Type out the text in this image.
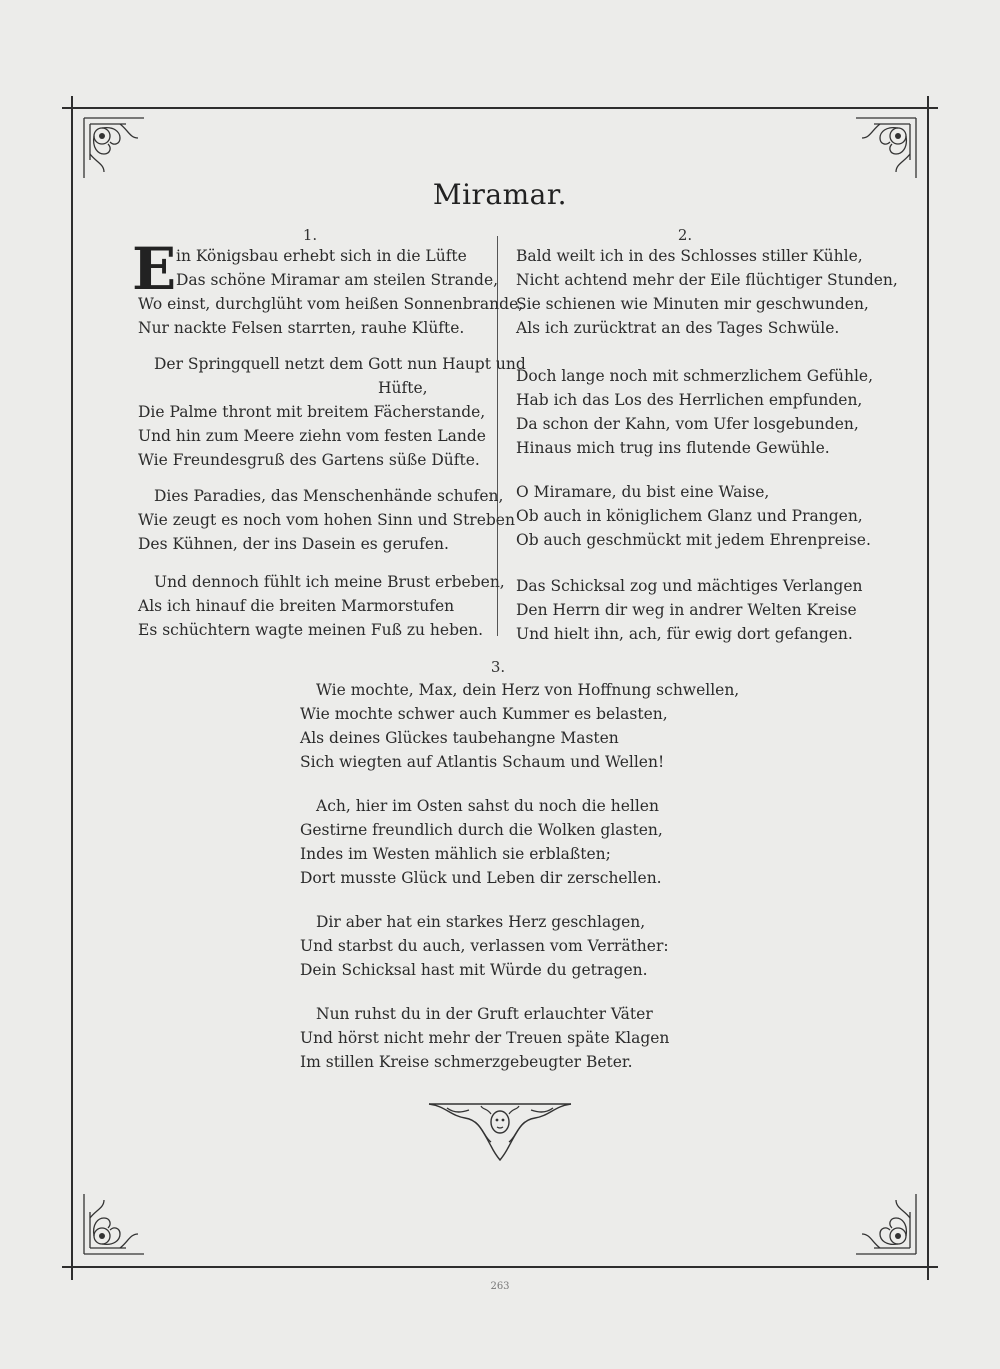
Miramar.
1.	2.
3.
E in Königsbau erhebt sich in die Lüfte
Das schöne Miramar am steilen Strande,
Wo einst, durchglüht vom heißen Sonnenbrande,
Nur nackte Felsen starrten, rauhe Klüfte.
Der Springquell netzt dem Gott nun Haupt und
Hüfte,
Die Palme thront mit breitem Fächerstande,
Und hin zum Meere ziehn vom festen Lande
Wie Freundesgruß des Gartens süße Düfte.
Dies Paradies, das Menschenhände schufen,
Wie zeugt es noch vom hohen Sinn und Streben
Des Kühnen, der ins Dasein es gerufen.
Und dennoch fühlt ich meine Brust erbeben,
Als ich hinauf die breiten Marmorstufen
Es schüchtern wagte meinen Fuß zu heben.
Bald weilt ich in des Schlosses stiller Kühle,
Nicht achtend mehr der Eile flüchtiger Stunden,
Sie schienen wie Minuten mir geschwunden,
Als ich zurücktrat an des Tages Schwüle.
Doch lange noch mit schmerzlichem Gefühle,
Hab ich das Los des Herrlichen empfunden,
Da schon der Kahn, vom Ufer losgebunden,
Hinaus mich trug ins flutende Gewühle.
O Miramare, du bist eine Waise,
Ob auch in königlichem Glanz und Prangen,
Ob auch geschmückt mit jedem Ehrenpreise.
Das Schicksal zog und mächtiges Verlangen
Den Herrn dir weg in andrer Welten Kreise
Und hielt ihn, ach, für ewig dort gefangen.
Wie mochte, Max, dein Herz von Hoffnung schwellen,
Wie mochte schwer auch Kummer es belasten,
Als deines Glückes taubehangne Masten
Sich wiegten auf Atlantis Schaum und Wellen!
Ach, hier im Osten sahst du noch die hellen
Gestirne freundlich durch die Wolken glasten,
Indes im Westen mählich sie erblaßten;
Dort musste Glück und Leben dir zerschellen.
Dir aber hat ein starkes Herz geschlagen,
Und starbst du auch, verlassen vom Verräther:
Dein Schicksal hast mit Würde du getragen.
Nun ruhst du in der Gruft erlauchter Väter
Und hörst nicht mehr der Treuen späte Klagen
Im stillen Kreise schmerzgebeugter Beter.
263
